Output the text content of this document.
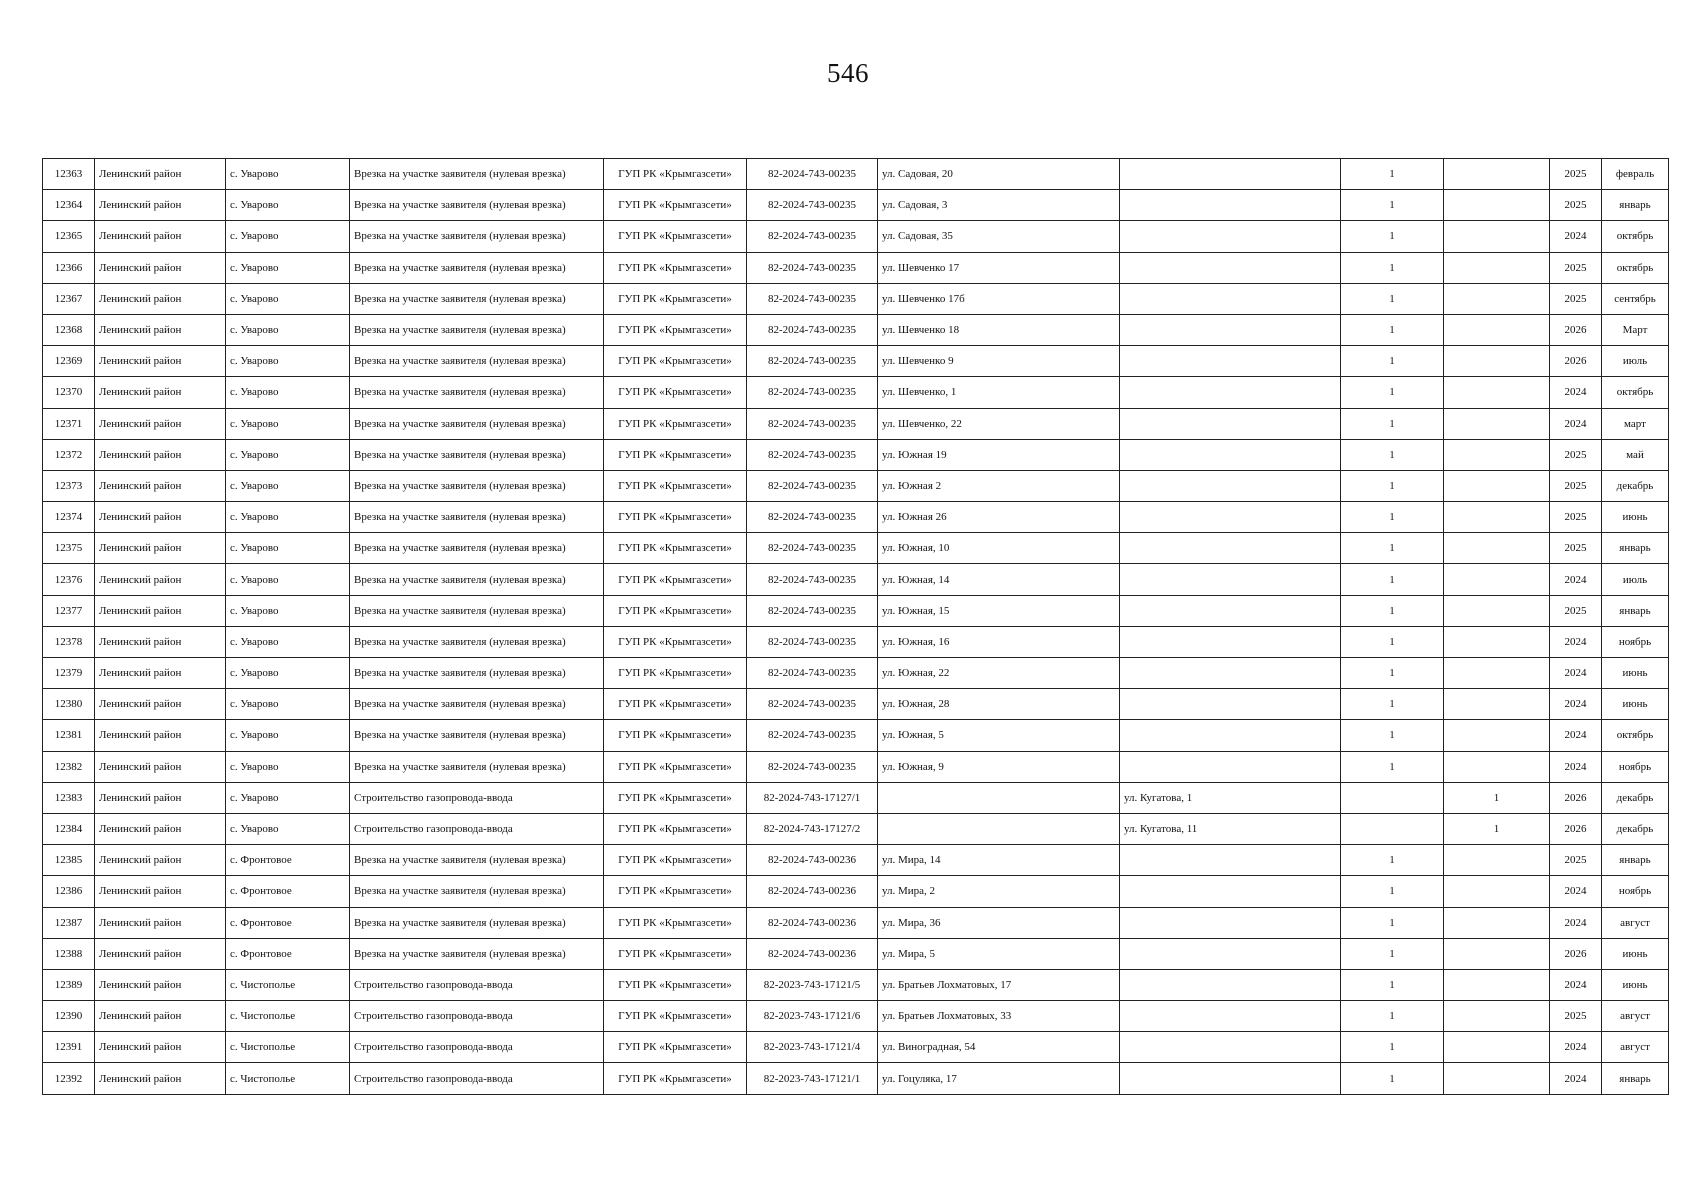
546
12363	Ленинский район	с. Уварово	Врезка на участке заявителя (нулевая врезка)	ГУП РК «Крымгазсети»	82-2024-743-00235	ул. Садовая, 20		1		2025	февраль
12364	Ленинский район	с. Уварово	Врезка на участке заявителя (нулевая врезка)	ГУП РК «Крымгазсети»	82-2024-743-00235	ул. Садовая, 3		1		2025	январь
12365	Ленинский район	с. Уварово	Врезка на участке заявителя (нулевая врезка)	ГУП РК «Крымгазсети»	82-2024-743-00235	ул. Садовая, 35		1		2024	октябрь
12366	Ленинский район	с. Уварово	Врезка на участке заявителя (нулевая врезка)	ГУП РК «Крымгазсети»	82-2024-743-00235	ул. Шевченко 17		1		2025	октябрь
12367	Ленинский район	с. Уварово	Врезка на участке заявителя (нулевая врезка)	ГУП РК «Крымгазсети»	82-2024-743-00235	ул. Шевченко 17б		1		2025	сентябрь
12368	Ленинский район	с. Уварово	Врезка на участке заявителя (нулевая врезка)	ГУП РК «Крымгазсети»	82-2024-743-00235	ул. Шевченко 18		1		2026	Март
12369	Ленинский район	с. Уварово	Врезка на участке заявителя (нулевая врезка)	ГУП РК «Крымгазсети»	82-2024-743-00235	ул. Шевченко 9		1		2026	июль
12370	Ленинский район	с. Уварово	Врезка на участке заявителя (нулевая врезка)	ГУП РК «Крымгазсети»	82-2024-743-00235	ул. Шевченко, 1		1		2024	октябрь
12371	Ленинский район	с. Уварово	Врезка на участке заявителя (нулевая врезка)	ГУП РК «Крымгазсети»	82-2024-743-00235	ул. Шевченко, 22		1		2024	март
12372	Ленинский район	с. Уварово	Врезка на участке заявителя (нулевая врезка)	ГУП РК «Крымгазсети»	82-2024-743-00235	ул. Южная 19		1		2025	май
12373	Ленинский район	с. Уварово	Врезка на участке заявителя (нулевая врезка)	ГУП РК «Крымгазсети»	82-2024-743-00235	ул. Южная 2		1		2025	декабрь
12374	Ленинский район	с. Уварово	Врезка на участке заявителя (нулевая врезка)	ГУП РК «Крымгазсети»	82-2024-743-00235	ул. Южная 26		1		2025	июнь
12375	Ленинский район	с. Уварово	Врезка на участке заявителя (нулевая врезка)	ГУП РК «Крымгазсети»	82-2024-743-00235	ул. Южная, 10		1		2025	январь
12376	Ленинский район	с. Уварово	Врезка на участке заявителя (нулевая врезка)	ГУП РК «Крымгазсети»	82-2024-743-00235	ул. Южная, 14		1		2024	июль
12377	Ленинский район	с. Уварово	Врезка на участке заявителя (нулевая врезка)	ГУП РК «Крымгазсети»	82-2024-743-00235	ул. Южная, 15		1		2025	январь
12378	Ленинский район	с. Уварово	Врезка на участке заявителя (нулевая врезка)	ГУП РК «Крымгазсети»	82-2024-743-00235	ул. Южная, 16		1		2024	ноябрь
12379	Ленинский район	с. Уварово	Врезка на участке заявителя (нулевая врезка)	ГУП РК «Крымгазсети»	82-2024-743-00235	ул. Южная, 22		1		2024	июнь
12380	Ленинский район	с. Уварово	Врезка на участке заявителя (нулевая врезка)	ГУП РК «Крымгазсети»	82-2024-743-00235	ул. Южная, 28		1		2024	июнь
12381	Ленинский район	с. Уварово	Врезка на участке заявителя (нулевая врезка)	ГУП РК «Крымгазсети»	82-2024-743-00235	ул. Южная, 5		1		2024	октябрь
12382	Ленинский район	с. Уварово	Врезка на участке заявителя (нулевая врезка)	ГУП РК «Крымгазсети»	82-2024-743-00235	ул. Южная, 9		1		2024	ноябрь
12383	Ленинский район	с. Уварово	Строительство газопровода-ввода	ГУП РК «Крымгазсети»	82-2024-743-17127/1		ул. Кугатова, 1		1	2026	декабрь
12384	Ленинский район	с. Уварово	Строительство газопровода-ввода	ГУП РК «Крымгазсети»	82-2024-743-17127/2		ул. Кугатова, 11		1	2026	декабрь
12385	Ленинский район	с. Фронтовое	Врезка на участке заявителя (нулевая врезка)	ГУП РК «Крымгазсети»	82-2024-743-00236	ул. Мира, 14		1		2025	январь
12386	Ленинский район	с. Фронтовое	Врезка на участке заявителя (нулевая врезка)	ГУП РК «Крымгазсети»	82-2024-743-00236	ул. Мира, 2		1		2024	ноябрь
12387	Ленинский район	с. Фронтовое	Врезка на участке заявителя (нулевая врезка)	ГУП РК «Крымгазсети»	82-2024-743-00236	ул. Мира, 36		1		2024	август
12388	Ленинский район	с. Фронтовое	Врезка на участке заявителя (нулевая врезка)	ГУП РК «Крымгазсети»	82-2024-743-00236	ул. Мира, 5		1		2026	июнь
12389	Ленинский район	с. Чистополье	Строительство газопровода-ввода	ГУП РК «Крымгазсети»	82-2023-743-17121/5	ул. Братьев Лохматовых, 17		1		2024	июнь
12390	Ленинский район	с. Чистополье	Строительство газопровода-ввода	ГУП РК «Крымгазсети»	82-2023-743-17121/6	ул. Братьев Лохматовых, 33		1		2025	август
12391	Ленинский район	с. Чистополье	Строительство газопровода-ввода	ГУП РК «Крымгазсети»	82-2023-743-17121/4	ул. Виноградная, 54		1		2024	август
12392	Ленинский район	с. Чистополье	Строительство газопровода-ввода	ГУП РК «Крымгазсети»	82-2023-743-17121/1	ул. Гоцуляка, 17		1		2024	январь
